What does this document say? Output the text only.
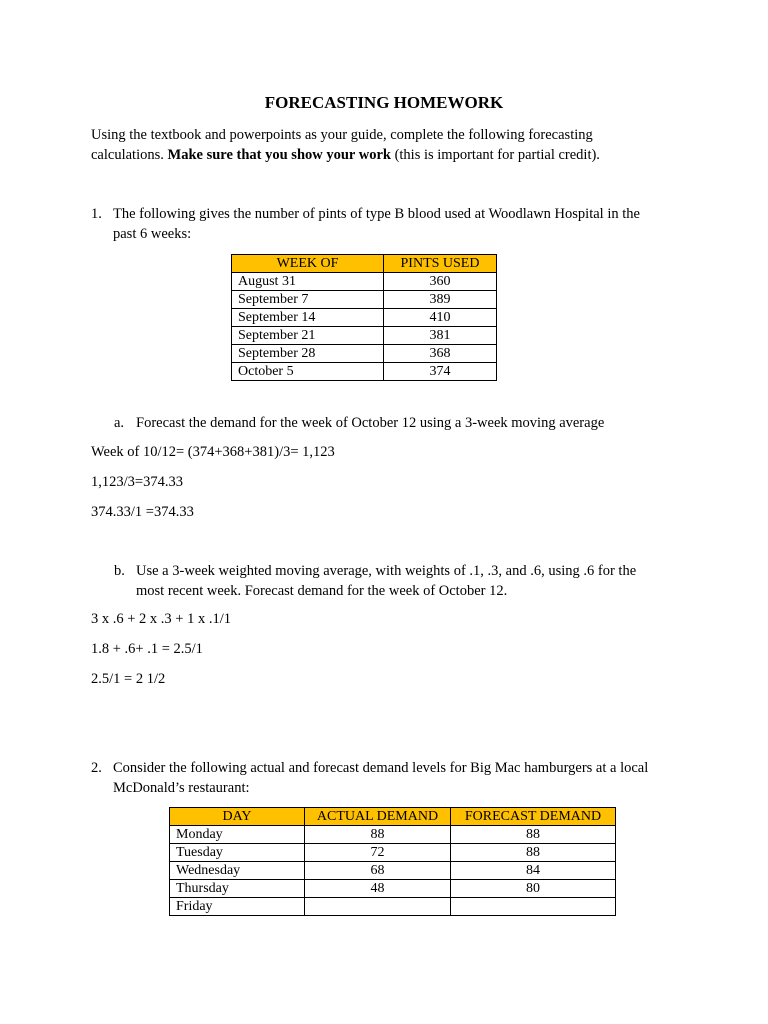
FORECASTING HOMEWORK
Using the textbook and powerpoints as your guide, complete the following forecasting
calculations. Make sure that you show your work (this is important for partial credit).
1. The following gives the number of pints of type B blood used at Woodlawn Hospital in the
past 6 weeks:
WEEK OF	PINTS USED
August 31	360
September 7	389
September 14	410
September 21	381
September 28	368
October 5	374
a. Forecast the demand for the week of October 12 using a 3-week moving average
Week of 10/12= (374+368+381)/3= 1,123
1,123/3=374.33
374.33/1 =374.33
b. Use a 3-week weighted moving average, with weights of .1, .3, and .6, using .6 for the
most recent week. Forecast demand for the week of October 12.
3 x .6 + 2 x .3 + 1 x .1/1
1.8 + .6+ .1 = 2.5/1
2.5/1 = 2 1/2
2. Consider the following actual and forecast demand levels for Big Mac hamburgers at a local
McDonald’s restaurant:
DAY	ACTUAL DEMAND	FORECAST DEMAND
Monday	88	88
Tuesday	72	88
Wednesday	68	84
Thursday	48	80
Friday		
